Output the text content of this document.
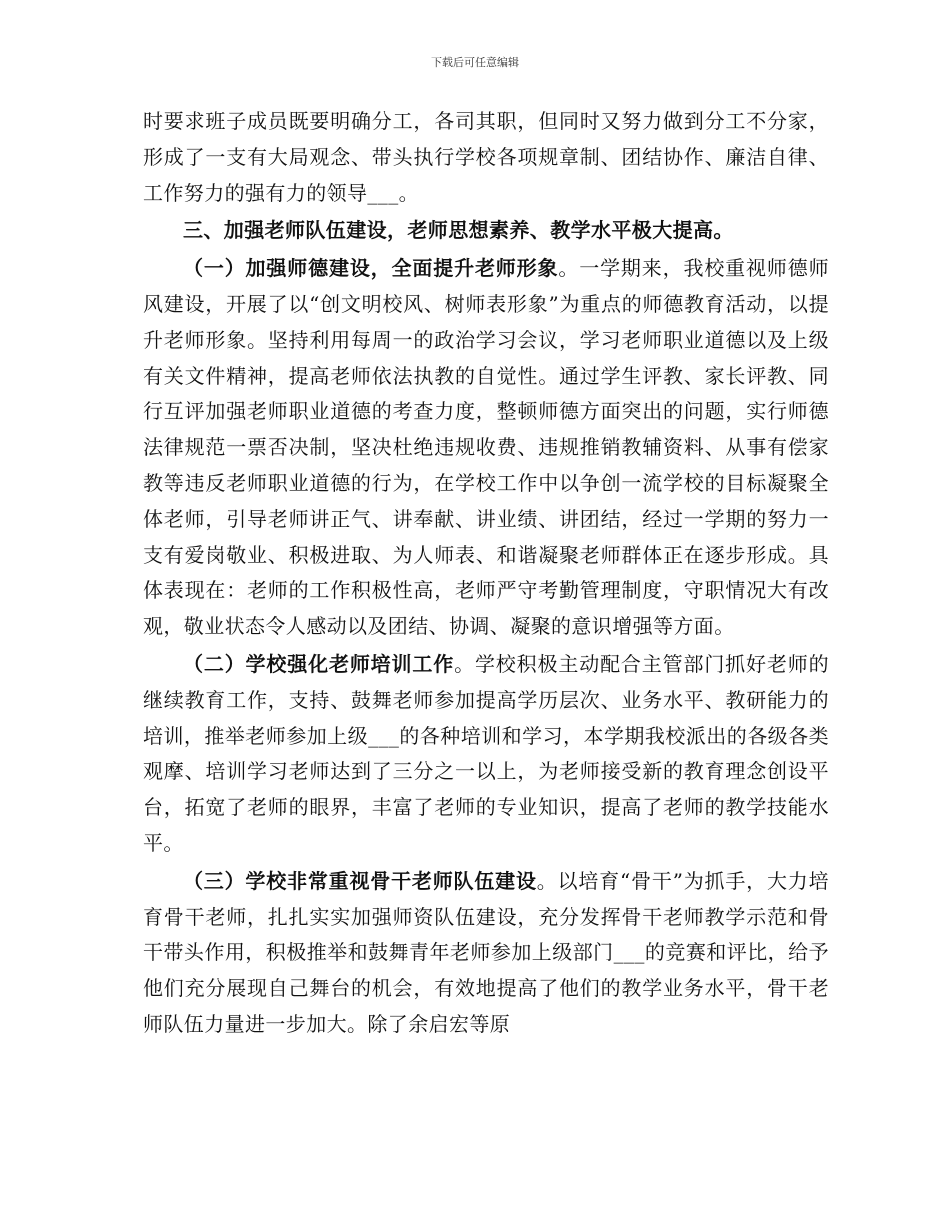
下载后可任意编辑

时要求班子成员既要明确分工，各司其职，但同时又努力做到分工不分家，形成了一支有大局观念、带头执行学校各项规章制、团结协作、廉洁自律、工作努力的强有力的领导___。

三、加强老师队伍建设，老师思想素养、教学水平极大提高。

（一）加强师德建设，全面提升老师形象。一学期来，我校重视师德师风建设，开展了以“创文明校风、树师表形象”为重点的师德教育活动，以提升老师形象。坚持利用每周一的政治学习会议，学习老师职业道德以及上级有关文件精神，提高老师依法执教的自觉性。通过学生评教、家长评教、同行互评加强老师职业道德的考查力度，整顿师德方面突出的问题，实行师德法律规范一票否决制，坚决杜绝违规收费、违规推销教辅资料、从事有偿家教等违反老师职业道德的行为，在学校工作中以争创一流学校的目标凝聚全体老师，引导老师讲正气、讲奉献、讲业绩、讲团结，经过一学期的努力一支有爱岗敬业、积极进取、为人师表、和谐凝聚老师群体正在逐步形成。具体表现在：老师的工作积极性高，老师严守考勤管理制度，守职情况大有改观，敬业状态令人感动以及团结、协调、凝聚的意识增强等方面。

（二）学校强化老师培训工作。学校积极主动配合主管部门抓好老师的继续教育工作，支持、鼓舞老师参加提高学历层次、业务水平、教研能力的培训，推举老师参加上级___的各种培训和学习，本学期我校派出的各级各类观摩、培训学习老师达到了三分之一以上，为老师接受新的教育理念创设平台，拓宽了老师的眼界，丰富了老师的专业知识，提高了老师的教学技能水平。

（三）学校非常重视骨干老师队伍建设。以培育“骨干”为抓手，大力培育骨干老师，扎扎实实加强师资队伍建设，充分发挥骨干老师教学示范和骨干带头作用，积极推举和鼓舞青年老师参加上级部门___的竞赛和评比，给予他们充分展现自己舞台的机会，有效地提高了他们的教学业务水平，骨干老师队伍力量进一步加大。除了余启宏等原
